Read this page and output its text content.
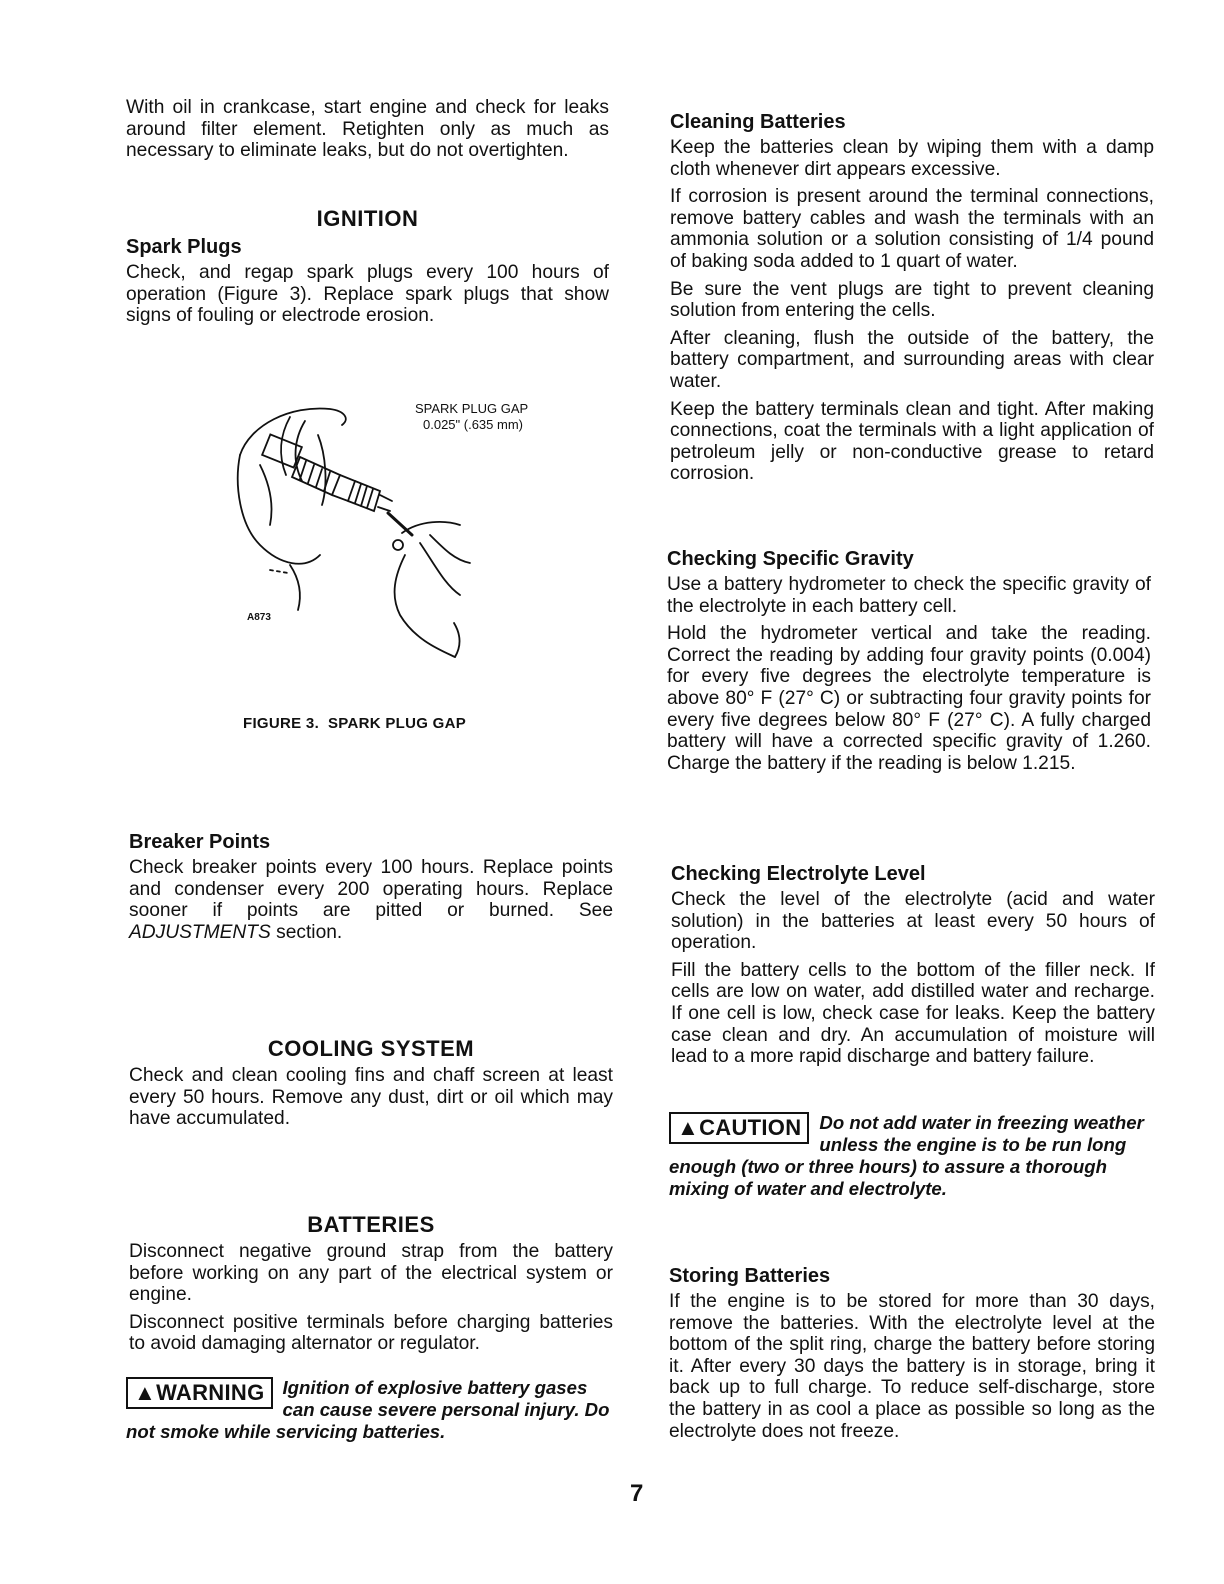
With oil in crankcase, start engine and check for leaks around filter element. Retighten only as much as necessary to eliminate leaks, but do not overtighten.

IGNITION
Spark Plugs

Check, and regap spark plugs every 100 hours of operation (Figure 3). Replace spark plugs that show signs of fouling or electrode erosion.

SPARK PLUG GAP
0.025" (.635 mm)
A873
FIGURE 3.  SPARK PLUG GAP
Breaker Points

Check breaker points every 100 hours. Replace points and condenser every 200 operating hours. Replace sooner if points are pitted or burned. See ADJUSTMENTS section.

COOLING SYSTEM

Check and clean cooling fins and chaff screen at least every 50 hours. Remove any dust, dirt or oil which may have accumulated.

BATTERIES

Disconnect negative ground strap from the battery before working on any part of the electrical system or engine.

Disconnect positive terminals before charging batteries to avoid damaging alternator or regulator.

▲WARNING Ignition of explosive battery gases can cause severe personal injury. Do not smoke while servicing batteries.
Cleaning Batteries

Keep the batteries clean by wiping them with a damp cloth whenever dirt appears excessive.

If corrosion is present around the terminal connections, remove battery cables and wash the terminals with an ammonia solution or a solution consisting of 1/4 pound of baking soda added to 1 quart of water.

Be sure the vent plugs are tight to prevent cleaning solution from entering the cells.

After cleaning, flush the outside of the battery, the battery compartment, and surrounding areas with clear water.

Keep the battery terminals clean and tight. After making connections, coat the terminals with a light application of petroleum jelly or non-conductive grease to retard corrosion.

Checking Specific Gravity

Use a battery hydrometer to check the specific gravity of the electrolyte in each battery cell.

Hold the hydrometer vertical and take the reading. Correct the reading by adding four gravity points (0.004) for every five degrees the electrolyte temperature is above 80° F (27° C) or subtracting four gravity points for every five degrees below 80° F (27° C). A fully charged battery will have a corrected specific gravity of 1.260. Charge the battery if the reading is below 1.215.

Checking Electrolyte Level

Check the level of the electrolyte (acid and water solution) in the batteries at least every 50 hours of operation.

Fill the battery cells to the bottom of the filler neck. If cells are low on water, add distilled water and recharge. If one cell is low, check case for leaks. Keep the battery case clean and dry. An accumulation of moisture will lead to a more rapid discharge and battery failure.

▲CAUTION Do not add water in freezing weather unless the engine is to be run long enough (two or three hours) to assure a thorough mixing of water and electrolyte.
Storing Batteries

If the engine is to be stored for more than 30 days, remove the batteries. With the electrolyte level at the bottom of the split ring, charge the battery before storing it. After every 30 days the battery is in storage, bring it back up to full charge. To reduce self-discharge, store the battery in as cool a place as possible so long as the electrolyte does not freeze.

7
